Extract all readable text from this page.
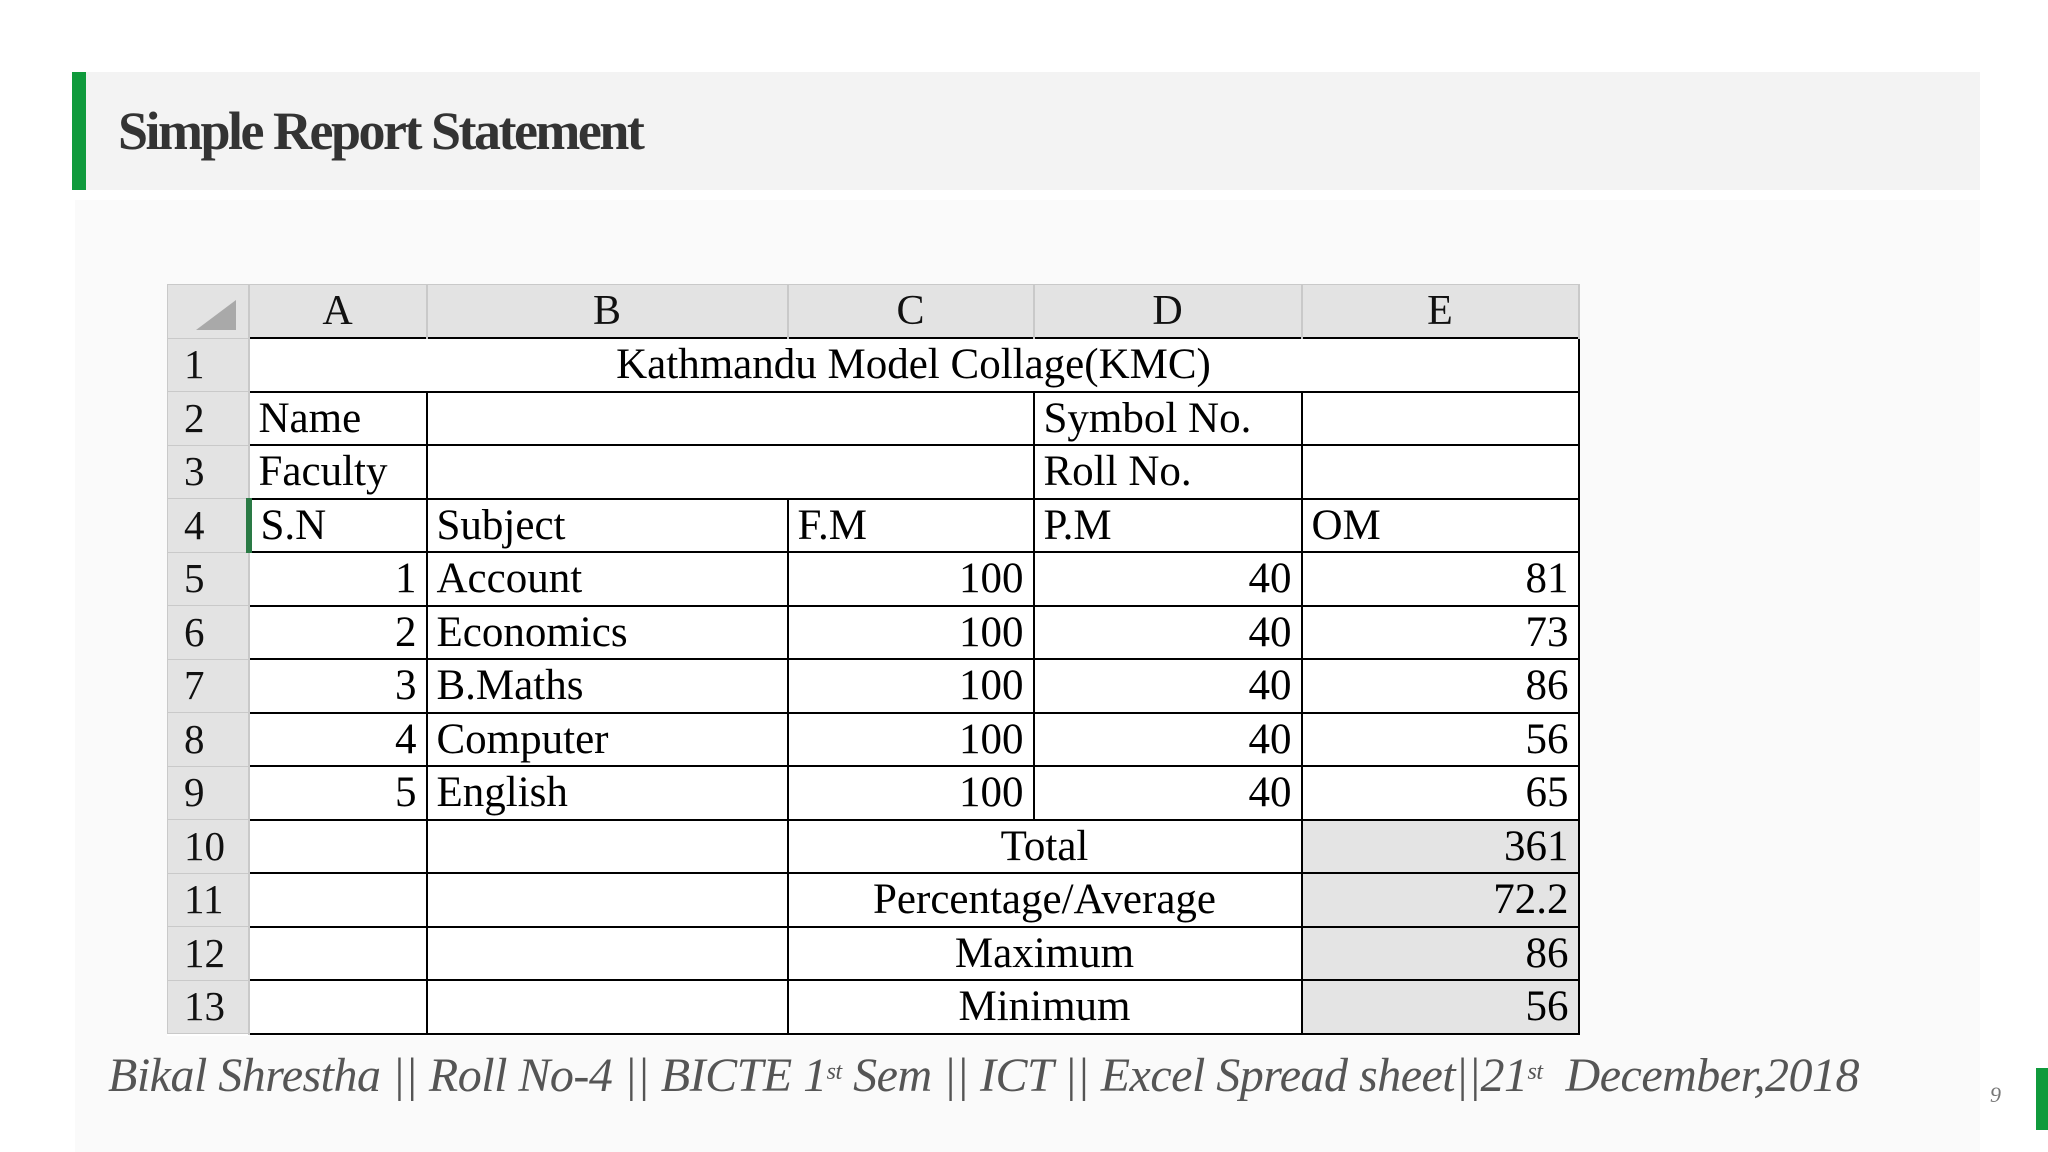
Simple Report Statement
	A	B	C	D	E
1	Kathmandu Model Collage(KMC)				
2	Name			Symbol No.	
3	Faculty			Roll No.	
4	S.N	Subject	F.M	P.M	OM
5	1	Account	100	40	81
6	2	Economics	100	40	73
7	3	B.Maths	100	40	86
8	4	Computer	100	40	56
9	5	English	100	40	65
10			Total		361
11			Percentage/Average		72.2
12			Maximum		86
13			Minimum		56
Bikal Shrestha || Roll No-4 || BICTE 1st Sem || ICT || Excel Spread sheet||21st  December,2018	9
